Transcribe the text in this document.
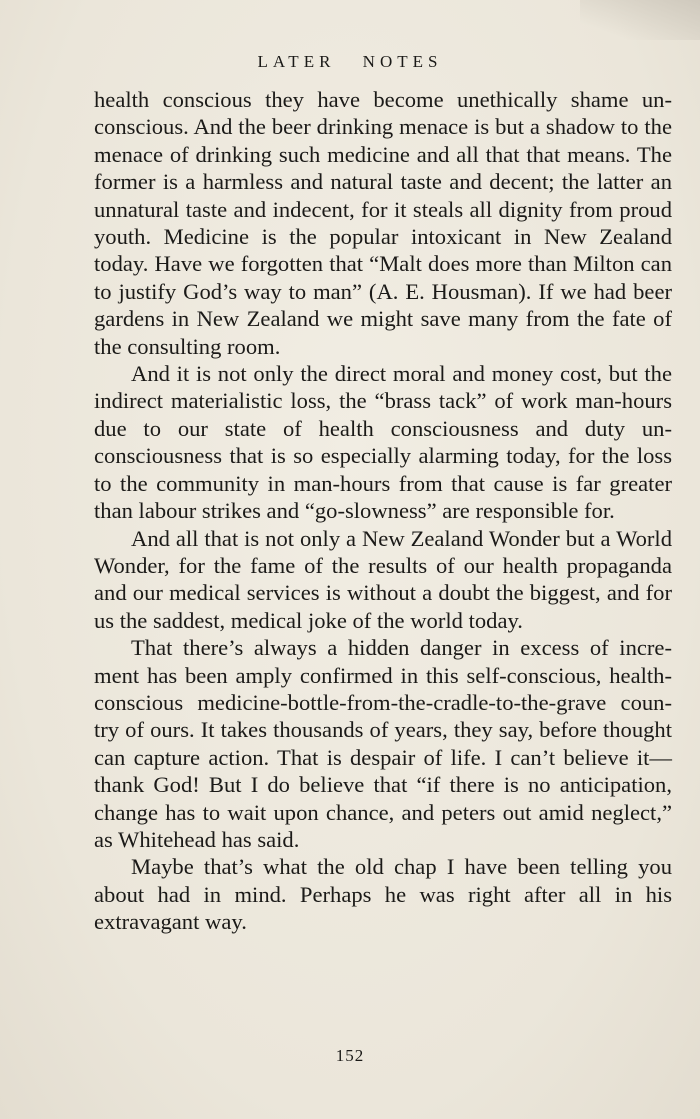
LATER NOTES

health conscious they have become unethically shame un-conscious. And the beer drinking menace is but a shadow to the menace of drinking such medicine and all that that means. The former is a harmless and natural taste and decent; the latter an unnatural taste and indecent, for it steals all dignity from proud youth. Medicine is the popular intoxicant in New Zealand today. Have we forgotten that “Malt does more than Milton can to justify God’s way to man” (A. E. Housman). If we had beer gardens in New Zealand we might save many from the fate of the consulting room.

And it is not only the direct moral and money cost, but the indirect materialistic loss, the “brass tack” of work man-hours due to our state of health consciousness and duty un-consciousness that is so especially alarming today, for the loss to the community in man-hours from that cause is far greater than labour strikes and “go-slowness” are responsible for.

And all that is not only a New Zealand Wonder but a World Wonder, for the fame of the results of our health propaganda and our medical services is without a doubt the biggest, and for us the saddest, medical joke of the world today.

That there’s always a hidden danger in excess of incre-ment has been amply confirmed in this self-conscious, health-conscious medicine-bottle-from-the-cradle-to-the-grave coun-try of ours. It takes thousands of years, they say, before thought can capture action. That is despair of life. I can’t believe it—thank God! But I do believe that “if there is no anticipation, change has to wait upon chance, and peters out amid neglect,” as Whitehead has said.

Maybe that’s what the old chap I have been telling you about had in mind. Perhaps he was right after all in his extravagant way.

152
